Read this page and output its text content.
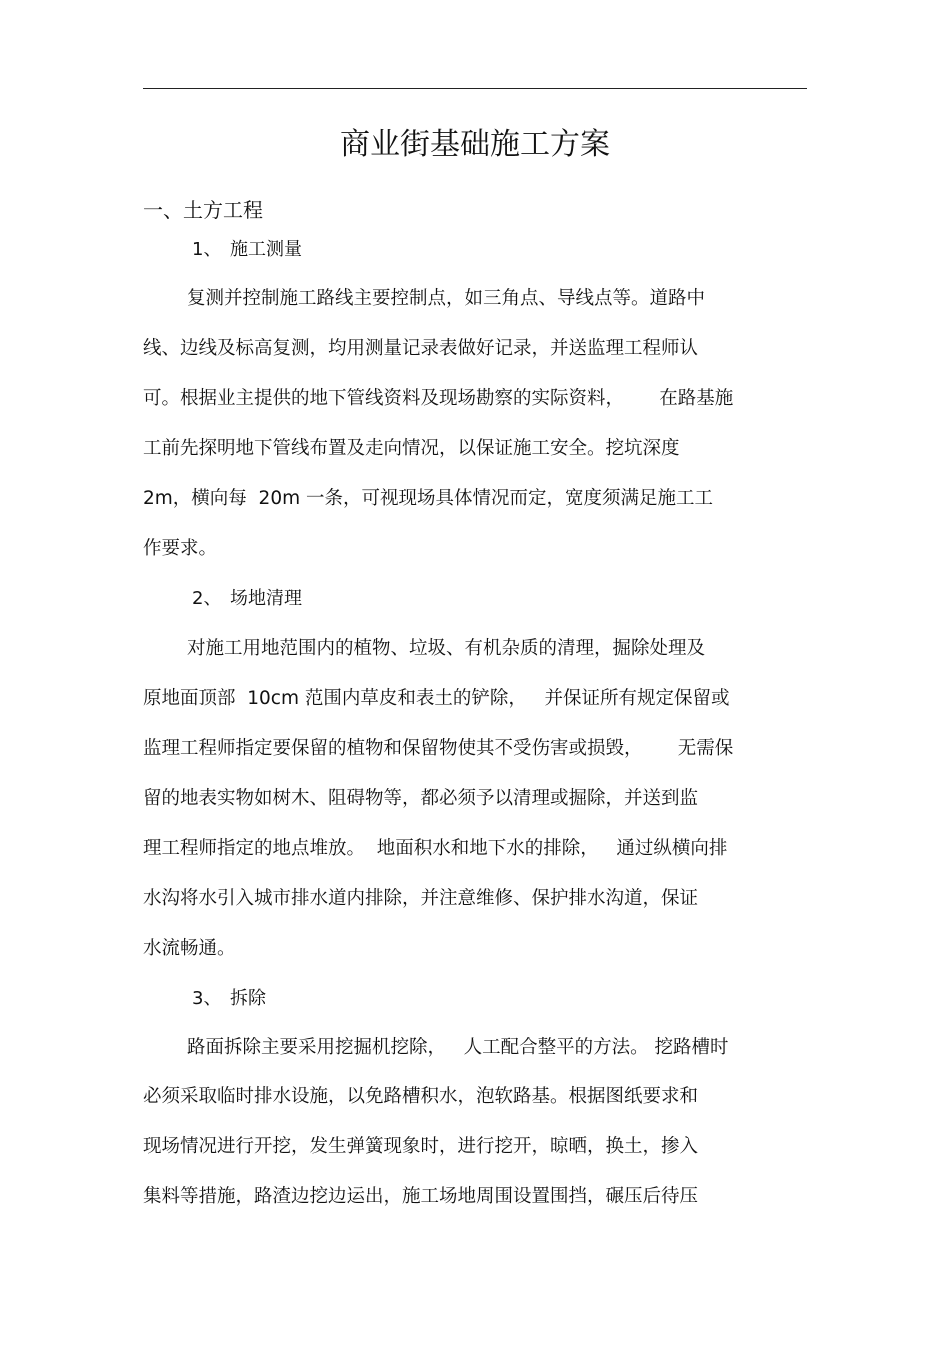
商业街基础施工方案
一、土方工程
1、 施工测量
复测并控制施工路线主要控制点，如三角点、导线点等。道路中
线、边线及标高复测，均用测量记录表做好记录，并送监理工程师认
可。根据业主提供的地下管线资料及现场勘察的实际资料，      在路基施
工前先探明地下管线布置及走向情况，以保证施工安全。挖坑深度
2m，横向每  20m 一条，可视现场具体情况而定，宽度须满足施工工
作要求。
2、 场地清理
对施工用地范围内的植物、垃圾、有机杂质的清理，掘除处理及
原地面顶部  10cm 范围内草皮和表土的铲除，   并保证所有规定保留或
监理工程师指定要保留的植物和保留物使其不受伤害或损毁，      无需保
留的地表实物如树木、阻碍物等，都必须予以清理或掘除，并送到监
理工程师指定的地点堆放。  地面积水和地下水的排除，   通过纵横向排
水沟将水引入城市排水道内排除，并注意维修、保护排水沟道，保证
水流畅通。
3、 拆除
路面拆除主要采用挖掘机挖除，   人工配合整平的方法。 挖路槽时
必须采取临时排水设施，以免路槽积水，泡软路基。根据图纸要求和
现场情况进行开挖，发生弹簧现象时，进行挖开，晾晒，换土，掺入
集料等措施，路渣边挖边运出，施工场地周围设置围挡，碾压后待压
